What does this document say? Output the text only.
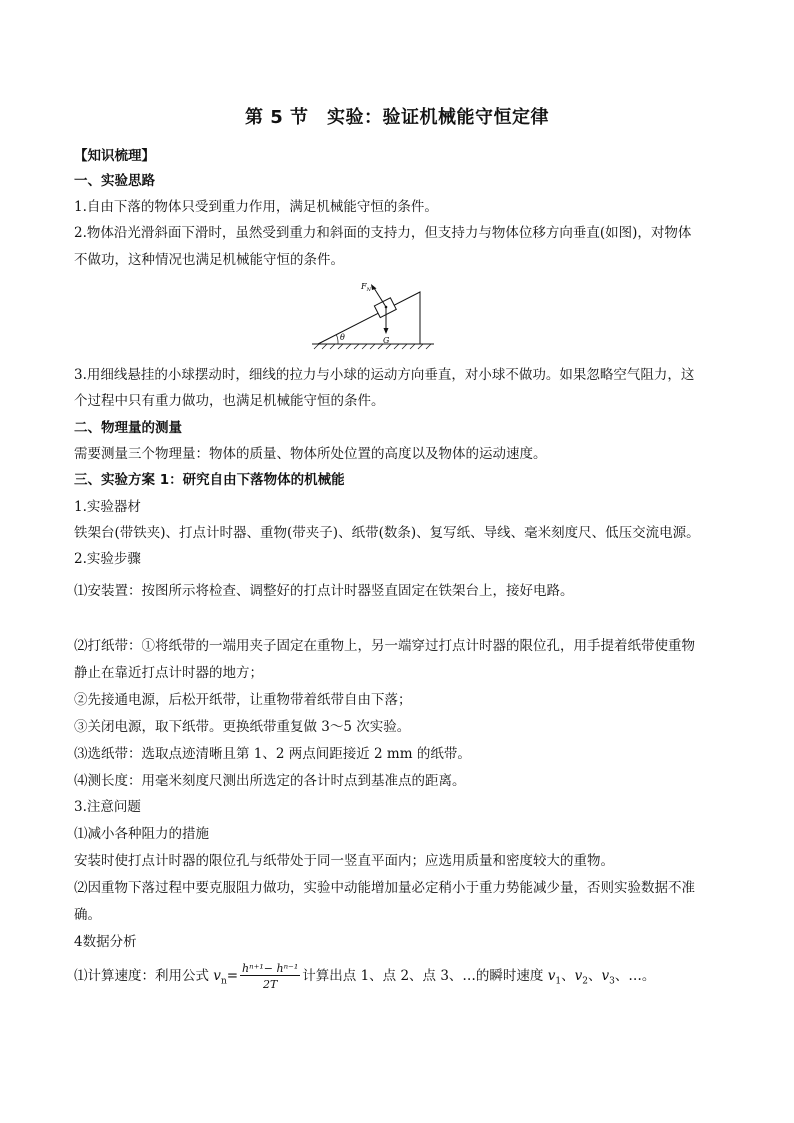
第 5 节　实验：验证机械能守恒定律
【知识梳理】
一、实验思路
1.自由下落的物体只受到重力作用，满足机械能守恒的条件。
2.物体沿光滑斜面下滑时，虽然受到重力和斜面的支持力，但支持力与物体位移方向垂直(如图)，对物体
不做功，这种情况也满足机械能守恒的条件。
θ
$F_N$
G
3.用细线悬挂的小球摆动时，细线的拉力与小球的运动方向垂直，对小球不做功。如果忽略空气阻力，这
个过程中只有重力做功，也满足机械能守恒的条件。
二、物理量的测量
需要测量三个物理量：物体的质量、物体所处位置的高度以及物体的运动速度。
三、实验方案 1：研究自由下落物体的机械能
1.实验器材
铁架台(带铁夹)、打点计时器、重物(带夹子)、纸带(数条)、复写纸、导线、毫米刻度尺、低压交流电源。
2.实验步骤
⑴安装置：按图所示将检查、调整好的打点计时器竖直固定在铁架台上，接好电路。
⑵打纸带：①将纸带的一端用夹子固定在重物上，另一端穿过打点计时器的限位孔，用手提着纸带使重物
静止在靠近打点计时器的地方；
②先接通电源，后松开纸带，让重物带着纸带自由下落；
③关闭电源，取下纸带。更换纸带重复做 3～5 次实验。
⑶选纸带：选取点迹清晰且第 1、2 两点间距接近 2 mm 的纸带。
⑷测长度：用毫米刻度尺测出所选定的各计时点到基准点的距离。
3.注意问题
⑴减小各种阻力的措施
安装时使打点计时器的限位孔与纸带处于同一竖直平面内；应选用质量和密度较大的重物。
⑵因重物下落过程中要克服阻力做功，实验中动能增加量必定稍小于重力势能减少量，否则实验数据不准
确。
4数据分析
⑴计算速度：利用公式 $v_n= \frac{\text{hⁿ⁺¹− hⁿ⁻¹}}{2T}$ 计算出点 1、点 2、点 3、…的瞬时速度 $v_1$、$v_2$、$v_3$、…。
